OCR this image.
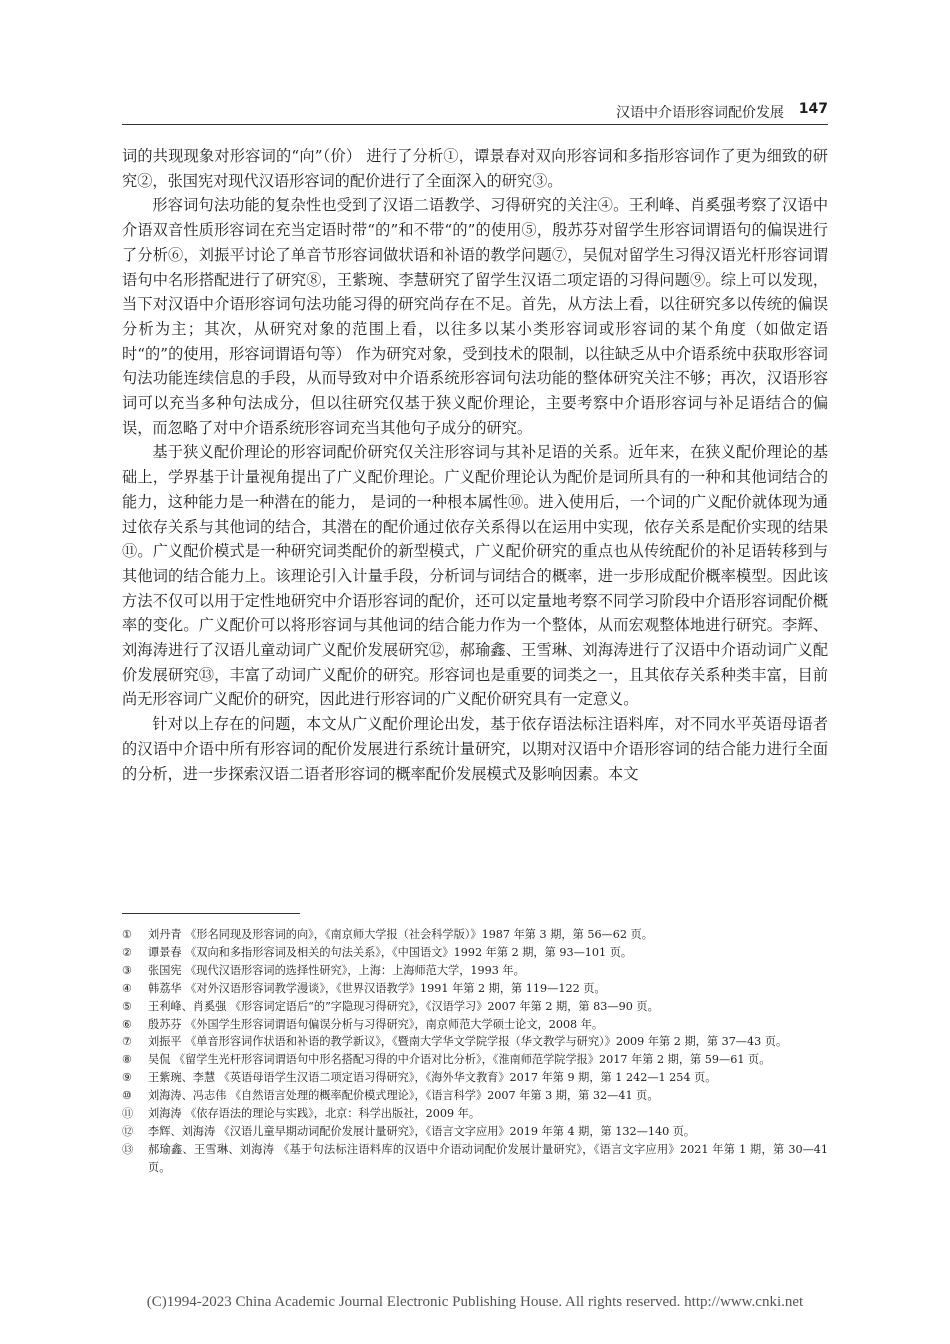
汉语中介语形容词配价发展 147

词的共现现象对形容词的“向”（价） 进行了分析①，谭景春对双向形容词和多指形容词作了更为细致的研究②，张国宪对现代汉语形容词的配价进行了全面深入的研究③。

形容词句法功能的复杂性也受到了汉语二语教学、习得研究的关注④。王利峰、肖奚强考察了汉语中介语双音性质形容词在充当定语时带“的”和不带“的”的使用⑤，殷苏芬对留学生形容词谓语句的偏误进行了分析⑥，刘振平讨论了单音节形容词做状语和补语的教学问题⑦，吴侃对留学生习得汉语光杆形容词谓语句中名形搭配进行了研究⑧，王紫琬、李慧研究了留学生汉语二项定语的习得问题⑨。综上可以发现，当下对汉语中介语形容词句法功能习得的研究尚存在不足。首先，从方法上看，以往研究多以传统的偏误分析为主；其次，从研究对象的范围上看，以往多以某小类形容词或形容词的某个角度（如做定语时“的”的使用，形容词谓语句等） 作为研究对象，受到技术的限制，以往缺乏从中介语系统中获取形容词句法功能连续信息的手段，从而导致对中介语系统形容词句法功能的整体研究关注不够；再次，汉语形容词可以充当多种句法成分，但以往研究仅基于狭义配价理论，主要考察中介语形容词与补足语结合的偏误，而忽略了对中介语系统形容词充当其他句子成分的研究。

基于狭义配价理论的形容词配价研究仅关注形容词与其补足语的关系。近年来，在狭义配价理论的基础上，学界基于计量视角提出了广义配价理论。广义配价理论认为配价是词所具有的一种和其他词结合的能力，这种能力是一种潜在的能力， 是词的一种根本属性⑩。进入使用后，一个词的广义配价就体现为通过依存关系与其他词的结合，其潜在的配价通过依存关系得以在运用中实现，依存关系是配价实现的结果⑪。广义配价模式是一种研究词类配价的新型模式，广义配价研究的重点也从传统配价的补足语转移到与其他词的结合能力上。该理论引入计量手段，分析词与词结合的概率，进一步形成配价概率模型。因此该方法不仅可以用于定性地研究中介语形容词的配价，还可以定量地考察不同学习阶段中介语形容词配价概率的变化。广义配价可以将形容词与其他词的结合能力作为一个整体，从而宏观整体地进行研究。李辉、刘海涛进行了汉语儿童动词广义配价发展研究⑫，郝瑜鑫、王雪琳、刘海涛进行了汉语中介语动词广义配价发展研究⑬，丰富了动词广义配价的研究。形容词也是重要的词类之一，且其依存关系种类丰富，目前尚无形容词广义配价的研究，因此进行形容词的广义配价研究具有一定意义。

针对以上存在的问题，本文从广义配价理论出发，基于依存语法标注语料库，对不同水平英语母语者的汉语中介语中所有形容词的配价发展进行系统计量研究，以期对汉语中介语形容词的结合能力进行全面的分析，进一步探索汉语二语者形容词的概率配价发展模式及影响因素。本文

① 刘丹青 《形名同现及形容词的向》，《南京师大学报（社会科学版）》1987 年第 3 期，第 56—62 页。
② 谭景春 《双向和多指形容词及相关的句法关系》，《中国语文》1992 年第 2 期，第 93—101 页。
③ 张国宪 《现代汉语形容词的选择性研究》，上海：上海师范大学，1993 年。
④ 韩荔华 《对外汉语形容词教学漫谈》，《世界汉语教学》1991 年第 2 期，第 119—122 页。
⑤ 王利峰、肖奚强 《形容词定语后“的”字隐现习得研究》，《汉语学习》2007 年第 2 期，第 83—90 页。
⑥ 殷苏芬 《外国学生形容词谓语句偏误分析与习得研究》，南京师范大学硕士论文，2008 年。
⑦ 刘振平 《单音形容词作状语和补语的教学新议》，《暨南大学华文学院学报（华文教学与研究）》2009 年第 2 期，第 37—43 页。
⑧ 吴侃 《留学生光杆形容词谓语句中形名搭配习得的中介语对比分析》，《淮南师范学院学报》2017 年第 2 期，第 59—61 页。
⑨ 王紫琬、李慧 《英语母语学生汉语二项定语习得研究》，《海外华文教育》2017 年第 9 期，第 1 242—1 254 页。
⑩ 刘海涛、冯志伟 《自然语言处理的概率配价模式理论》，《语言科学》2007 年第 3 期，第 32—41 页。
⑪ 刘海涛 《依存语法的理论与实践》，北京：科学出版社，2009 年。
⑫ 李辉、刘海涛 《汉语儿童早期动词配价发展计量研究》，《语言文字应用》2019 年第 4 期，第 132—140 页。
⑬ 郝瑜鑫、王雪琳、刘海涛 《基于句法标注语料库的汉语中介语动词配价发展计量研究》，《语言文字应用》2021 年第 1 期，第 30—41 页。
(C)1994-2023 China Academic Journal Electronic Publishing House. All rights reserved. http://www.cnki.net
